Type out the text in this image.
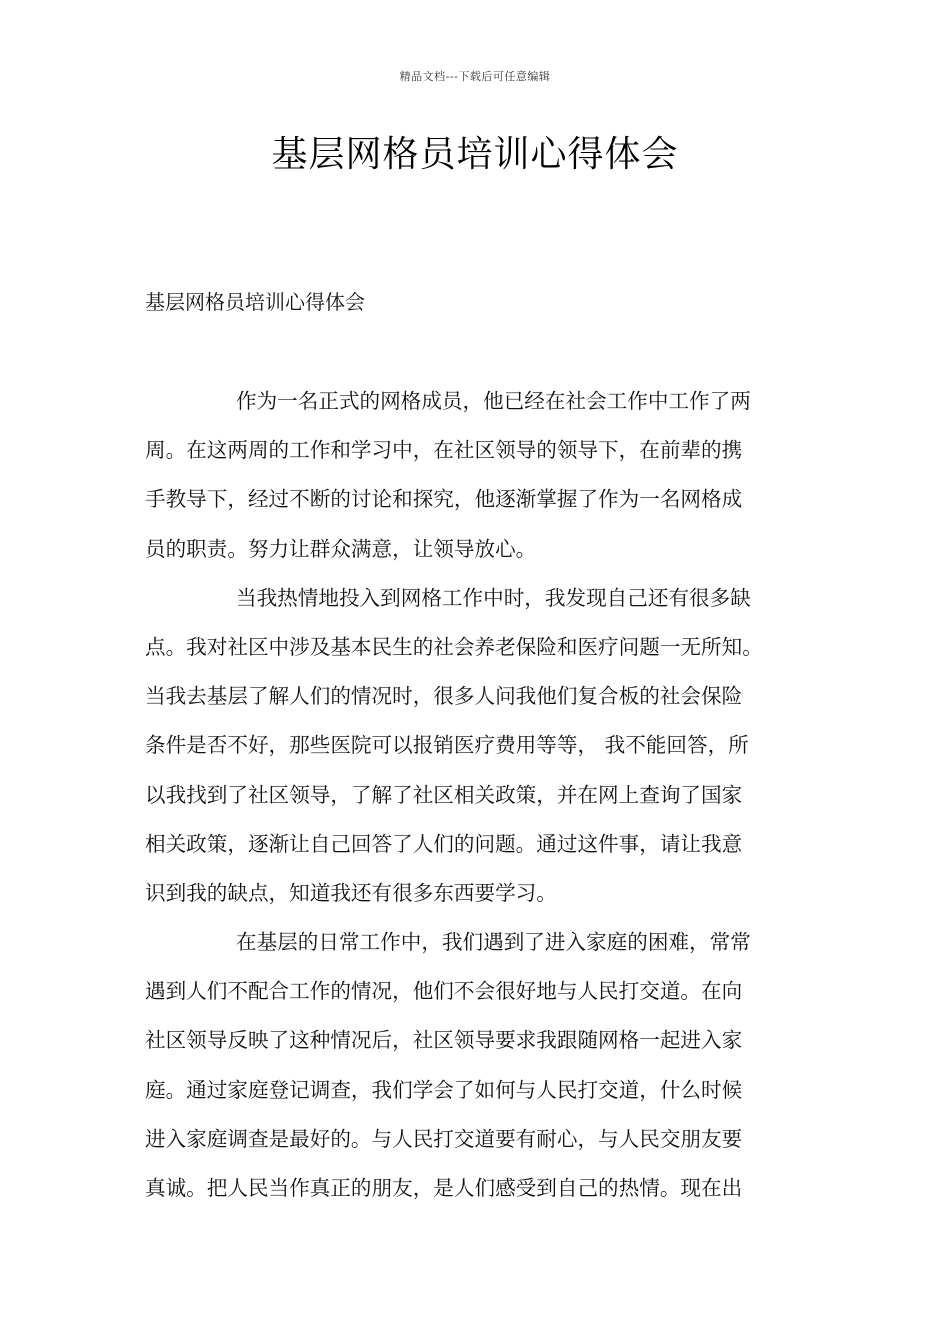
精品文档---下载后可任意编辑
基层网格员培训心得体会

基层网格员培训心得体会

作为一名正式的网格成员，他已经在社会工作中工作了两
周。在这两周的工作和学习中，在社区领导的领导下，在前辈的携
手教导下，经过不断的讨论和探究，他逐渐掌握了作为一名网格成
员的职责。努力让群众满意，让领导放心。
当我热情地投入到网格工作中时，我发现自己还有很多缺
点。我对社区中涉及基本民生的社会养老保险和医疗问题一无所知。
当我去基层了解人们的情况时，很多人问我他们复合板的社会保险
条件是否不好，那些医院可以报销医疗费用等等， 我不能回答，所
以我找到了社区领导，了解了社区相关政策，并在网上查询了国家
相关政策，逐渐让自己回答了人们的问题。通过这件事，请让我意
识到我的缺点，知道我还有很多东西要学习。
在基层的日常工作中，我们遇到了进入家庭的困难，常常
遇到人们不配合工作的情况，他们不会很好地与人民打交道。在向
社区领导反映了这种情况后，社区领导要求我跟随网格一起进入家
庭。通过家庭登记调查，我们学会了如何与人民打交道，什么时候
进入家庭调查是最好的。与人民打交道要有耐心，与人民交朋友要
真诚。把人民当作真正的朋友，是人们感受到自己的热情。现在出
